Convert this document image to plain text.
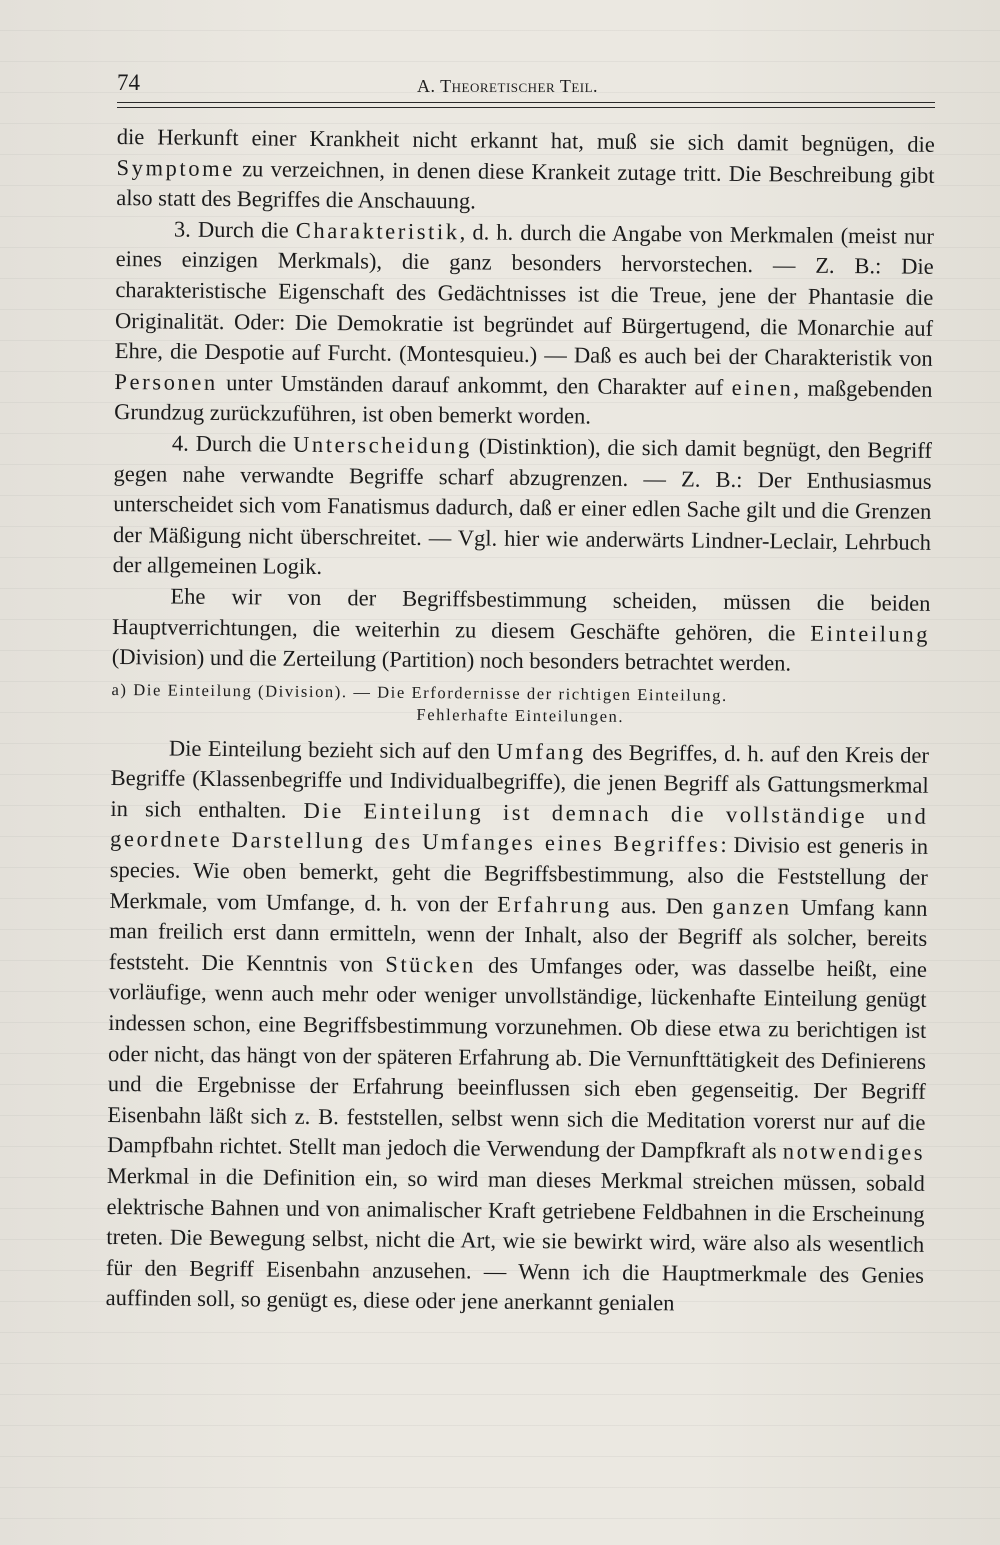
74	A. Theoretischer Teil.

die Herkunft einer Krankheit nicht erkannt hat, muß sie sich damit begnügen, die Symptome zu verzeichnen, in denen diese Krankeit zutage tritt. Die Beschreibung gibt also statt des Begriffes die Anschauung.

3. Durch die Charakteristik, d. h. durch die Angabe von Merkmalen (meist nur eines einzigen Merkmals), die ganz besonders hervorstechen. — Z. B.: Die charakteristische Eigenschaft des Gedächtnisses ist die Treue, jene der Phantasie die Originalität. Oder: Die Demokratie ist begründet auf Bürgertugend, die Monarchie auf Ehre, die Despotie auf Furcht. (Montesquieu.) — Daß es auch bei der Charakteristik von Personen unter Umständen darauf ankommt, den Charakter auf einen, maßgebenden Grundzug zurückzuführen, ist oben bemerkt worden.

4. Durch die Unterscheidung (Distinktion), die sich damit begnügt, den Begriff gegen nahe verwandte Begriffe scharf abzugrenzen. — Z. B.: Der Enthusiasmus unterscheidet sich vom Fanatismus dadurch, daß er einer edlen Sache gilt und die Grenzen der Mäßigung nicht überschreitet. — Vgl. hier wie anderwärts Lindner-Leclair, Lehrbuch der allgemeinen Logik.

Ehe wir von der Begriffsbestimmung scheiden, müssen die beiden Hauptverrichtungen, die weiterhin zu diesem Geschäfte gehören, die Einteilung (Division) und die Zerteilung (Partition) noch besonders betrachtet werden.

a) Die Einteilung (Division). — Die Erfordernisse der richtigen Einteilung.
Fehlerhafte Einteilungen.

Die Einteilung bezieht sich auf den Umfang des Begriffes, d. h. auf den Kreis der Begriffe (Klassenbegriffe und Individualbegriffe), die jenen Begriff als Gattungsmerkmal in sich enthalten. Die Einteilung ist demnach die vollständige und geordnete Darstellung des Umfanges eines Begriffes: Divisio est generis in species. Wie oben bemerkt, geht die Begriffsbestimmung, also die Feststellung der Merkmale, vom Umfange, d. h. von der Erfahrung aus. Den ganzen Umfang kann man freilich erst dann ermitteln, wenn der Inhalt, also der Begriff als solcher, bereits feststeht. Die Kenntnis von Stücken des Umfanges oder, was dasselbe heißt, eine vorläufige, wenn auch mehr oder weniger unvollständige, lückenhafte Einteilung genügt indessen schon, eine Begriffsbestimmung vorzunehmen. Ob diese etwa zu berichtigen ist oder nicht, das hängt von der späteren Erfahrung ab. Die Vernunfttätigkeit des Definierens und die Ergebnisse der Erfahrung beeinflussen sich eben gegenseitig. Der Begriff Eisenbahn läßt sich z. B. feststellen, selbst wenn sich die Meditation vorerst nur auf die Dampfbahn richtet. Stellt man jedoch die Verwendung der Dampfkraft als notwendiges Merkmal in die Definition ein, so wird man dieses Merkmal streichen müssen, sobald elektrische Bahnen und von animalischer Kraft getriebene Feldbahnen in die Erscheinung treten. Die Bewegung selbst, nicht die Art, wie sie bewirkt wird, wäre also als wesentlich für den Begriff Eisenbahn anzusehen. — Wenn ich die Hauptmerkmale des Genies auffinden soll, so genügt es, diese oder jene anerkannt genialen
